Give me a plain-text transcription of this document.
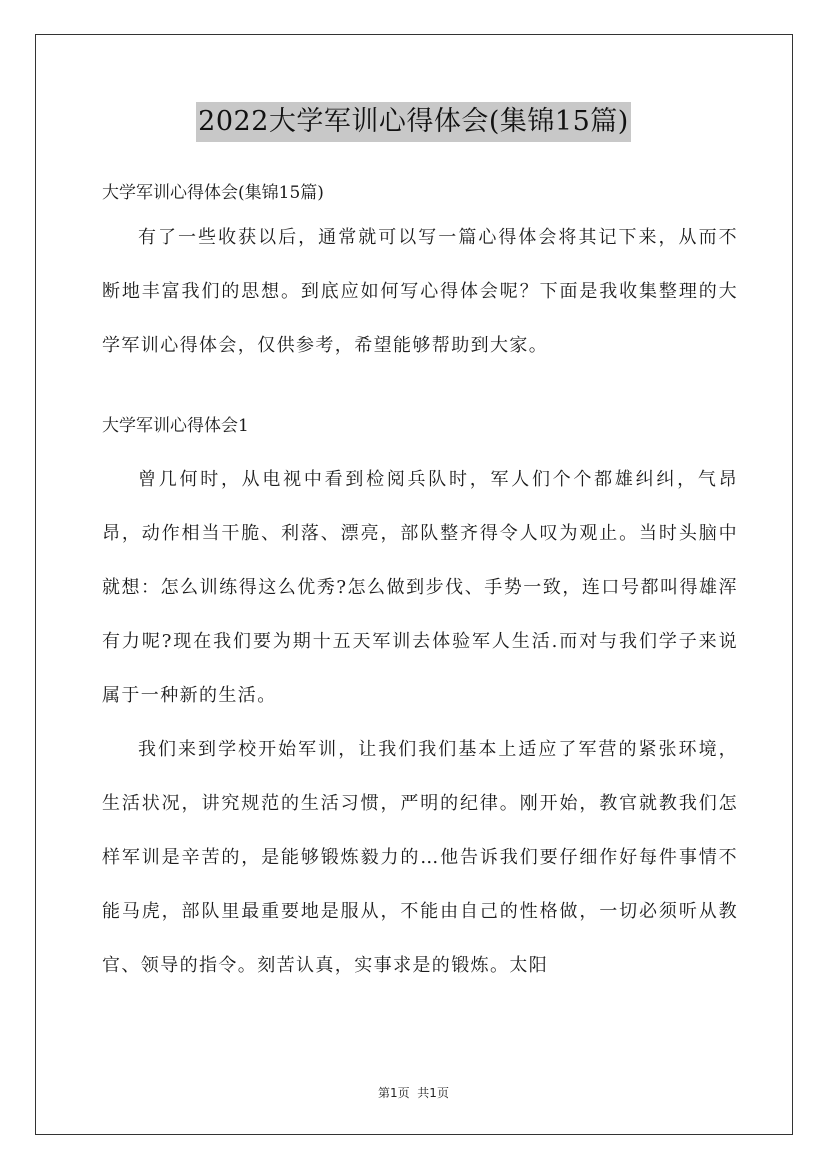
2022大学军训心得体会(集锦15篇)

大学军训心得体会(集锦15篇)

有了一些收获以后，通常就可以写一篇心得体会将其记下来，从而不断地丰富我们的思想。到底应如何写心得体会呢？下面是我收集整理的大学军训心得体会，仅供参考，希望能够帮助到大家。

大学军训心得体会1

曾几何时，从电视中看到检阅兵队时，军人们个个都雄纠纠，气昂昂，动作相当干脆、利落、漂亮，部队整齐得令人叹为观止。当时头脑中就想：怎么训练得这么优秀?怎么做到步伐、手势一致，连口号都叫得雄浑有力呢?现在我们要为期十五天军训去体验军人生活.而对与我们学子来说属于一种新的生活。

我们来到学校开始军训，让我们我们基本上适应了军营的紧张环境，生活状况，讲究规范的生活习惯，严明的纪律。刚开始，教官就教我们怎样军训是辛苦的，是能够锻炼毅力的…他告诉我们要仔细作好每件事情不能马虎，部队里最重要地是服从，不能由自己的性格做，一切必须听从教官、领导的指令。刻苦认真，实事求是的锻炼。太阳

第1页  共1页
